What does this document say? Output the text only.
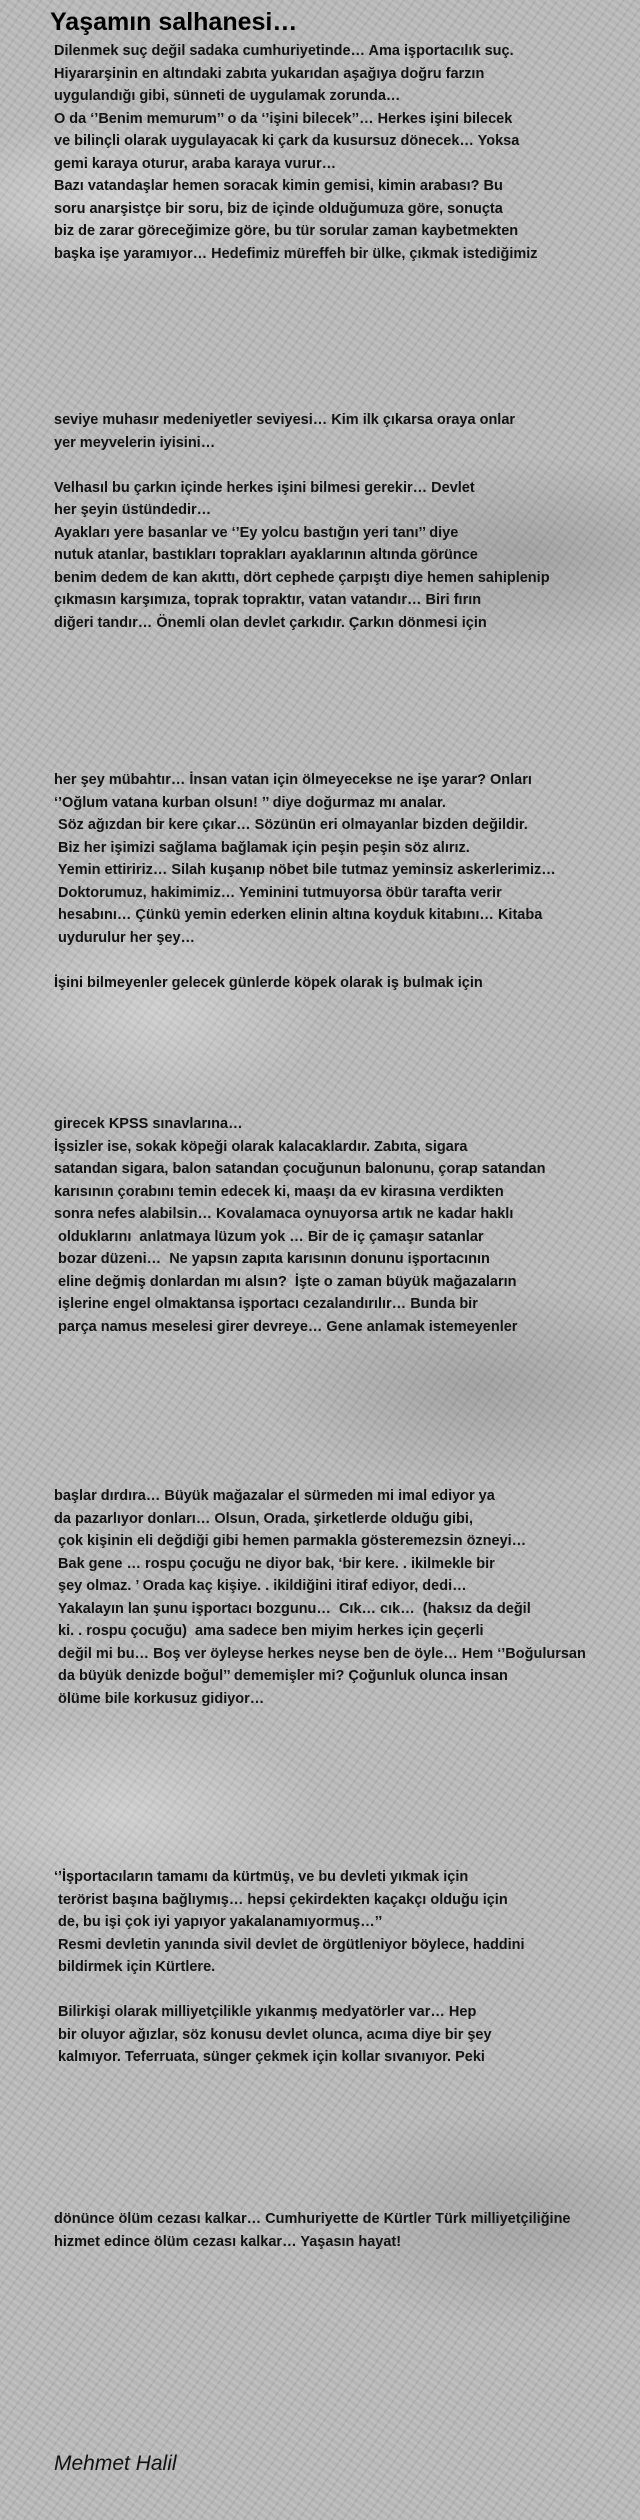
Yaşamın salhanesi…
Dilenmek suç değil sadaka cumhuriyetinde… Ama işportacılık suç.
Hiyararşinin en altındaki zabıta yukarıdan aşağıya doğru farzın
uygulandığı gibi, sünneti de uygulamak zorunda…
O da ‘’Benim memurum’’ o da ‘’işini bilecek’’… Herkes işini bilecek
ve bilinçli olarak uygulayacak ki çark da kusursuz dönecek… Yoksa
gemi karaya oturur, araba karaya vurur…
Bazı vatandaşlar hemen soracak kimin gemisi, kimin arabası? Bu
soru anarşistçe bir soru, biz de içinde olduğumuza göre, sonuçta
biz de zarar göreceğimize göre, bu tür sorular zaman kaybetmekten
başka işe yaramıyor… Hedefimiz müreffeh bir ülke, çıkmak istediğimiz
seviye muhasır medeniyetler seviyesi… Kim ilk çıkarsa oraya onlar
yer meyvelerin iyisini…
Velhasıl bu çarkın içinde herkes işini bilmesi gerekir… Devlet
her şeyin üstündedir…
Ayakları yere basanlar ve ‘’Ey yolcu bastığın yeri tanı’’ diye
nutuk atanlar, bastıkları toprakları ayaklarının altında görünce
benim dedem de kan akıttı, dört cephede çarpıştı diye hemen sahiplenip
çıkmasın karşımıza, toprak topraktır, vatan vatandır… Biri fırın
diğeri tandır… Önemli olan devlet çarkıdır. Çarkın dönmesi için
her şey mübahtır… İnsan vatan için ölmeyecekse ne işe yarar? Onları
‘’Oğlum vatana kurban olsun! ’’ diye doğurmaz mı analar.
Söz ağızdan bir kere çıkar… Sözünün eri olmayanlar bizden değildir.
Biz her işimizi sağlama bağlamak için peşin peşin söz alırız.
Yemin ettiririz… Silah kuşanıp nöbet bile tutmaz yeminsiz askerlerimiz…
Doktorumuz, hakimimiz… Yeminini tutmuyorsa öbür tarafta verir
hesabını… Çünkü yemin ederken elinin altına koyduk kitabını… Kitaba
uydurulur her şey…
İşini bilmeyenler gelecek günlerde köpek olarak iş bulmak için
girecek KPSS sınavlarına…
İşsizler ise, sokak köpeği olarak kalacaklardır. Zabıta, sigara
satandan sigara, balon satandan çocuğunun balonunu, çorap satandan
karısının çorabını temin edecek ki, maaşı da ev kirasına verdikten
sonra nefes alabilsin… Kovalamaca oynuyorsa artık ne kadar haklı
olduklarını  anlatmaya lüzum yok … Bir de iç çamaşır satanlar
bozar düzeni…  Ne yapsın zapıta karısının donunu işportacının
eline değmiş donlardan mı alsın?  İşte o zaman büyük mağazaların
işlerine engel olmaktansa işportacı cezalandırılır… Bunda bir
parça namus meselesi girer devreye… Gene anlamak istemeyenler
başlar dırdıra… Büyük mağazalar el sürmeden mi imal ediyor ya
da pazarlıyor donları… Olsun, Orada, şirketlerde olduğu gibi,
çok kişinin eli değdiği gibi hemen parmakla gösteremezsin özneyi…
Bak gene … rospu çocuğu ne diyor bak, ‘bir kere. . ikilmekle bir
şey olmaz. ’ Orada kaç kişiye. . ikildiğini itiraf ediyor, dedi…
Yakalayın lan şunu işportacı bozgunu…  Cık… cık…  (haksız da değil
ki. . rospu çocuğu)  ama sadece ben miyim herkes için geçerli
değil mi bu… Boş ver öyleyse herkes neyse ben de öyle… Hem ‘’Boğulursan
da büyük denizde boğul’’ dememişler mi? Çoğunluk olunca insan
ölüme bile korkusuz gidiyor…
‘’İşportacıların tamamı da kürtmüş, ve bu devleti yıkmak için
terörist başına bağlıymış… hepsi çekirdekten kaçakçı olduğu için
de, bu işi çok iyi yapıyor yakalanamıyormuş…’’
Resmi devletin yanında sivil devlet de örgütleniyor böylece, haddini
bildirmek için Kürtlere.
Bilirkişi olarak milliyetçilikle yıkanmış medyatörler var… Hep
bir oluyor ağızlar, söz konusu devlet olunca, acıma diye bir şey
kalmıyor. Teferruata, sünger çekmek için kollar sıvanıyor. Peki
dönünce ölüm cezası kalkar… Cumhuriyette de Kürtler Türk milliyetçiliğine
hizmet edince ölüm cezası kalkar… Yaşasın hayat!
Mehmet Halil
